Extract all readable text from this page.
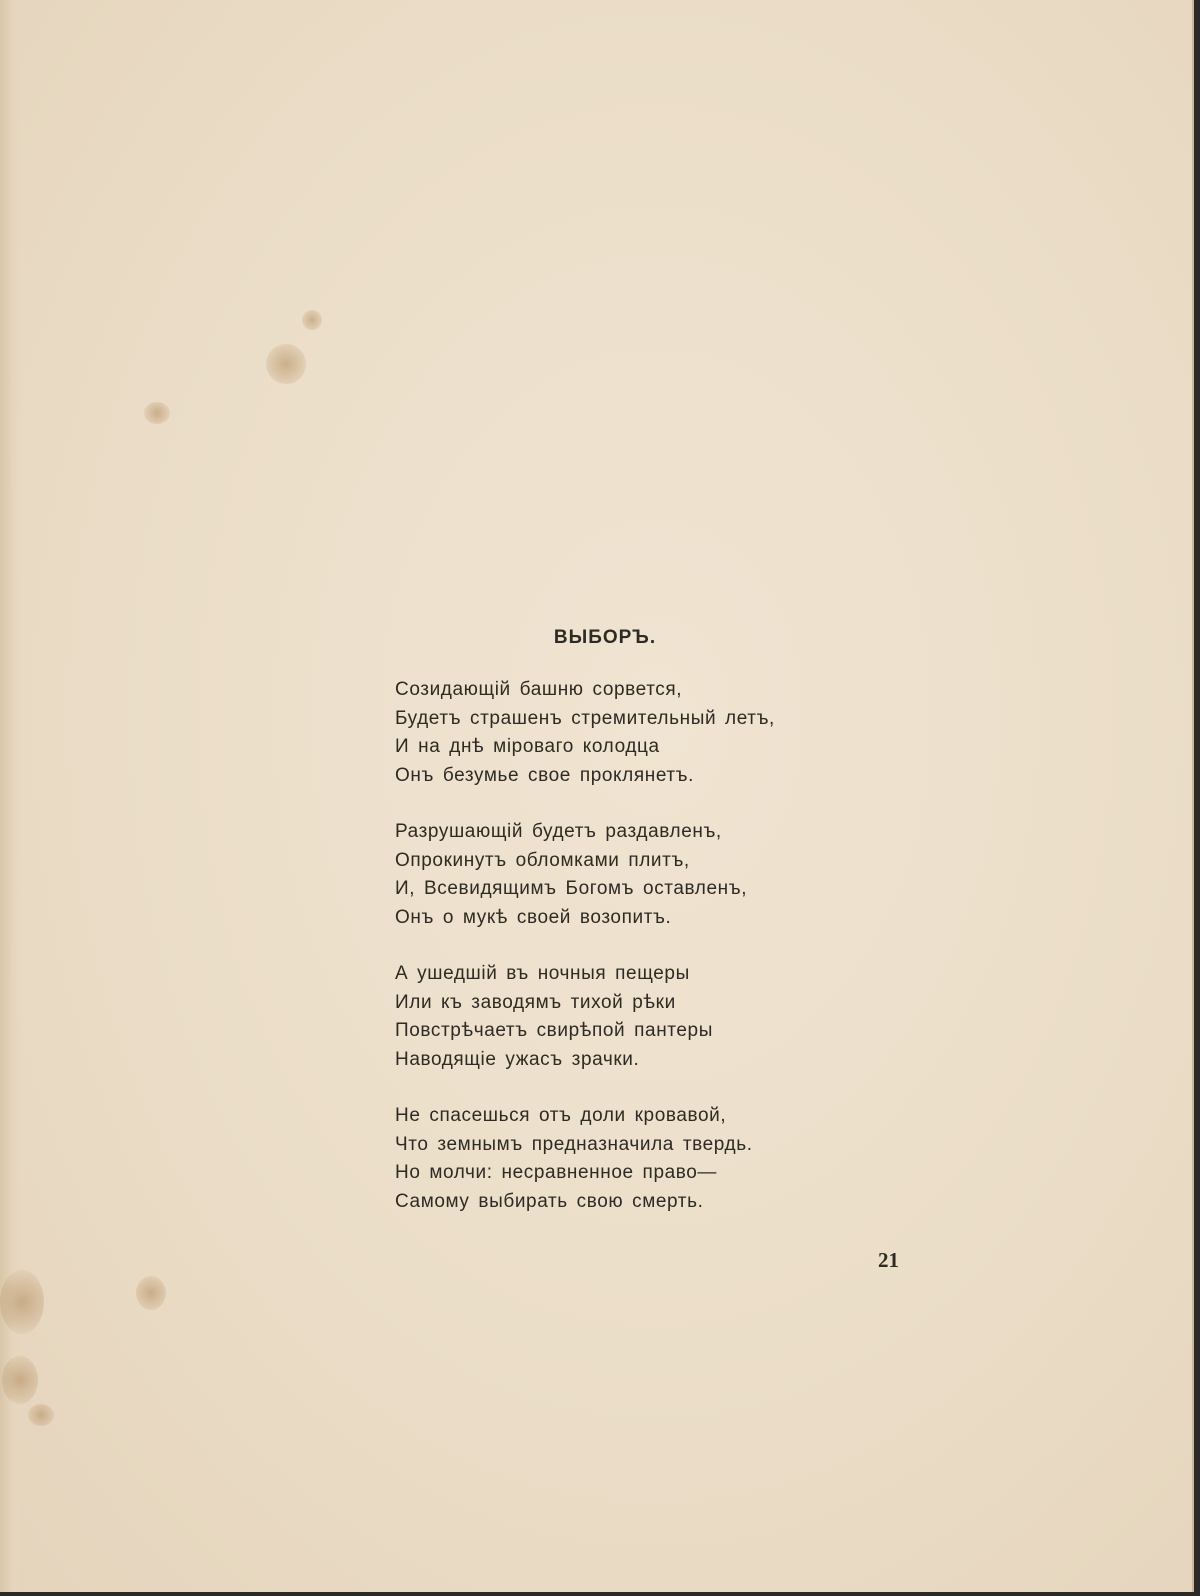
ВЫБОРЪ.
Созидающій башню сорвется,
Будетъ страшенъ стремительный летъ,
И на днѣ міроваго колодца
Онъ безумье свое проклянетъ.
Разрушающій будетъ раздавленъ,
Опрокинутъ обломками плитъ,
И, Всевидящимъ Богомъ оставленъ,
Онъ о мукѣ своей возопитъ.
А ушедшій въ ночныя пещеры
Или къ заводямъ тихой рѣки
Повстрѣчаетъ свирѣпой пантеры
Наводящіе ужасъ зрачки.
Не спасешься отъ доли кровавой,
Что земнымъ предназначила твердь.
Но молчи: несравненное право—
Самому выбирать свою смерть.
21
